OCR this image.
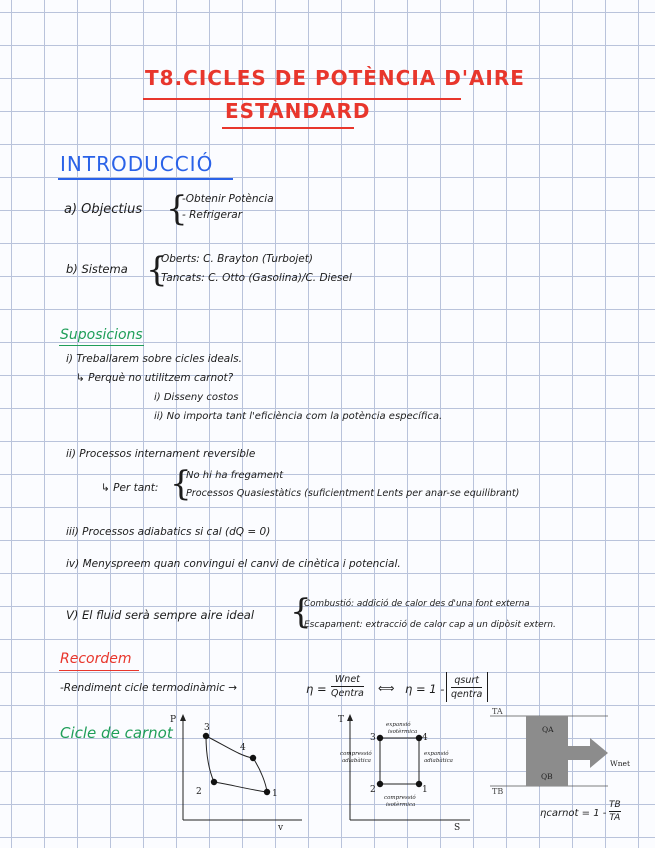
T8.CICLES DE POTÈNCIA D'AIRE
ESTÀNDARD
INTRODUCCIÓ
a) Objectius {
-Obtenir Potència
- Refrigerar
b) Sistema {
Oberts: C. Brayton (Turbojet)
Tancats: C. Otto (Gasolina)/C. Diesel
Suposicions
i) Treballarem sobre cicles ideals.
↳ Perquè no utilitzem carnot?
i) Disseny costos
ii) No importa tant l'eficiència com la potència específica.
ii) Processos internament reversible
↳ Per tant: {
No hi ha fregament
Processos Quasiestàtics (suficientment Lents per anar-se equilibrant)
iii) Processos adiabatics si cal (dQ = 0)
iv) Menyspreem quan convingui el canvi de cinètica i potencial.
V) El fluid serà sempre aire ideal {
Combustió: addició de calor des d'una font externa
Escapament: extracció de calor cap a un dipòsit extern.
Recordem
-Rendiment cicle termodinàmic →	η =
Wnet
Qentra ⟺ η = 1 -
qsurt
qentra
Cicle de carnot
P
v
3
4
1
2
T
S
3	4
1
2
expansió
isotèrmica
compressió
adiabàtica
expansió
adiabàtica
compressió
isotèrmica
TA
TB
QA
QB
Wnet
ηcarnot = 1 -
TB
TA
